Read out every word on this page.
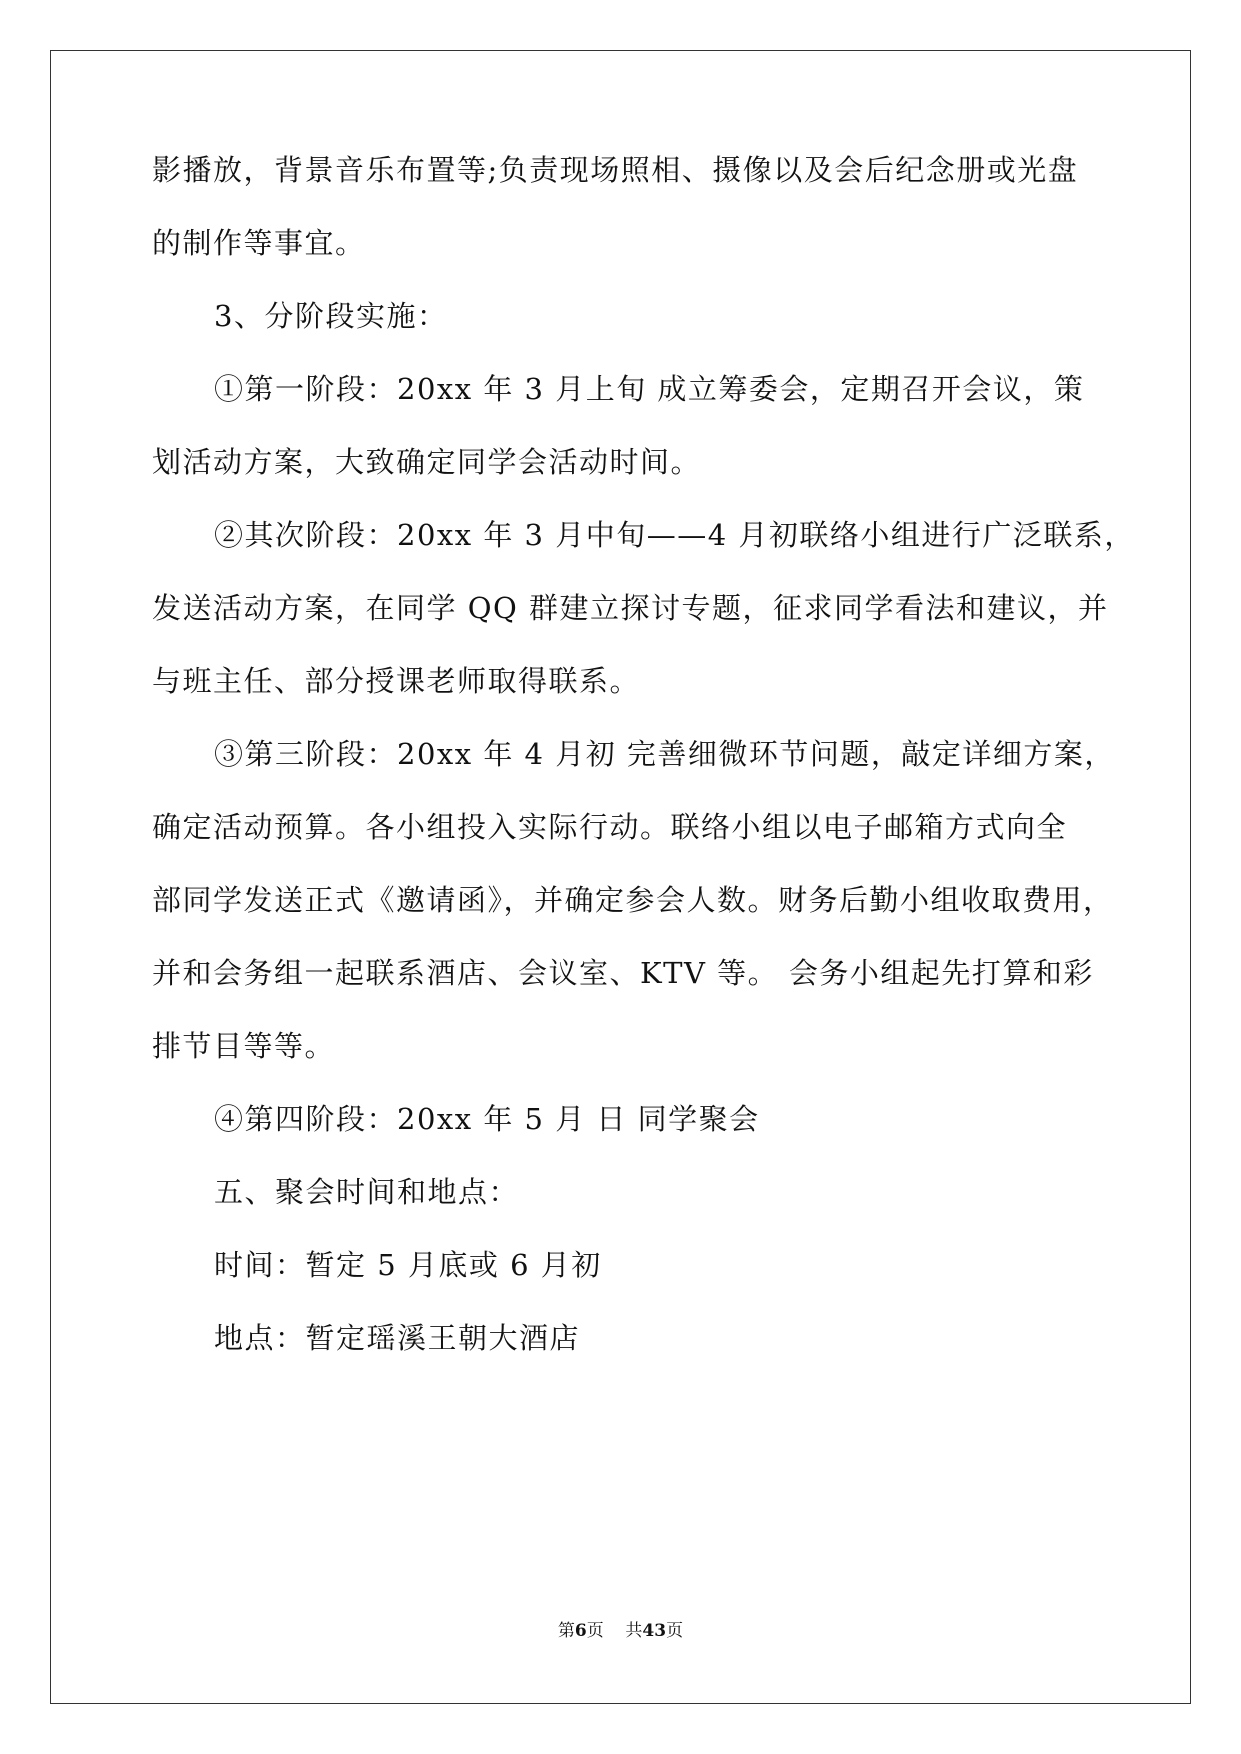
影播放，背景音乐布置等;负责现场照相、摄像以及会后纪念册或光盘
的制作等事宜。
3、分阶段实施：
①第一阶段：20xx 年 3 月上旬 成立筹委会，定期召开会议，策
划活动方案，大致确定同学会活动时间。
②其次阶段：20xx 年 3 月中旬——4 月初联络小组进行广泛联系，
发送活动方案，在同学 QQ 群建立探讨专题，征求同学看法和建议，并
与班主任、部分授课老师取得联系。
③第三阶段：20xx 年 4 月初 完善细微环节问题，敲定详细方案，
确定活动预算。各小组投入实际行动。联络小组以电子邮箱方式向全
部同学发送正式《邀请函》，并确定参会人数。财务后勤小组收取费用，
并和会务组一起联系酒店、会议室、KTV 等。 会务小组起先打算和彩
排节目等等。
④第四阶段：20xx 年 5 月 日 同学聚会
五、聚会时间和地点：
时间：暂定 5 月底或 6 月初
地点：暂定瑶溪王朝大酒店
第6页 共43页
